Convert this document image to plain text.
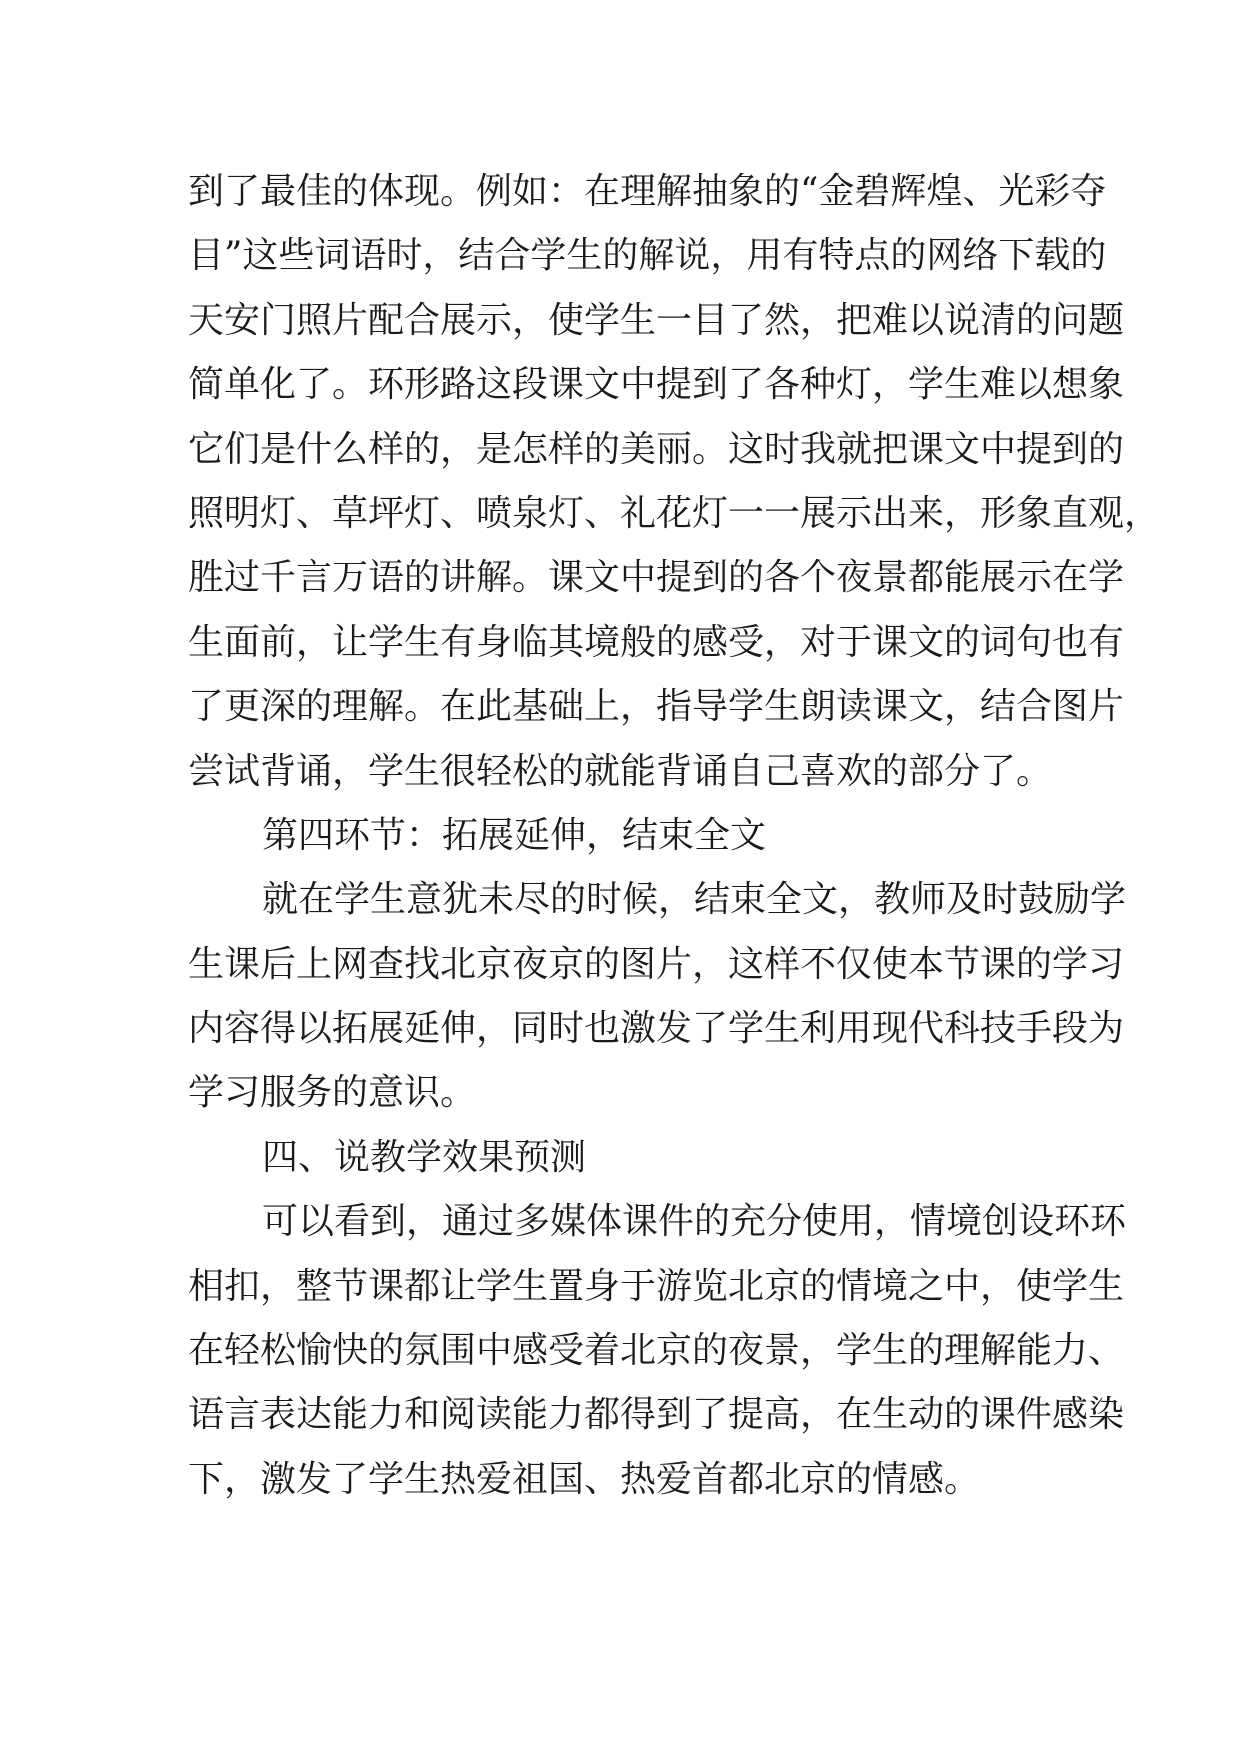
到了最佳的体现。例如：在理解抽象的“金碧辉煌、光彩夺
目”这些词语时，结合学生的解说，用有特点的网络下载的
天安门照片配合展示，使学生一目了然，把难以说清的问题
简单化了。环形路这段课文中提到了各种灯，学生难以想象
它们是什么样的，是怎样的美丽。这时我就把课文中提到的
照明灯、草坪灯、喷泉灯、礼花灯一一展示出来，形象直观，
胜过千言万语的讲解。课文中提到的各个夜景都能展示在学
生面前，让学生有身临其境般的感受，对于课文的词句也有
了更深的理解。在此基础上，指导学生朗读课文，结合图片
尝试背诵，学生很轻松的就能背诵自己喜欢的部分了。
第四环节：拓展延伸，结束全文
就在学生意犹未尽的时候，结束全文，教师及时鼓励学
生课后上网查找北京夜京的图片，这样不仅使本节课的学习
内容得以拓展延伸，同时也激发了学生利用现代科技手段为
学习服务的意识。
四、说教学效果预测
可以看到，通过多媒体课件的充分使用，情境创设环环
相扣，整节课都让学生置身于游览北京的情境之中，使学生
在轻松愉快的氛围中感受着北京的夜景，学生的理解能力、
语言表达能力和阅读能力都得到了提高，在生动的课件感染
下，激发了学生热爱祖国、热爱首都北京的情感。
